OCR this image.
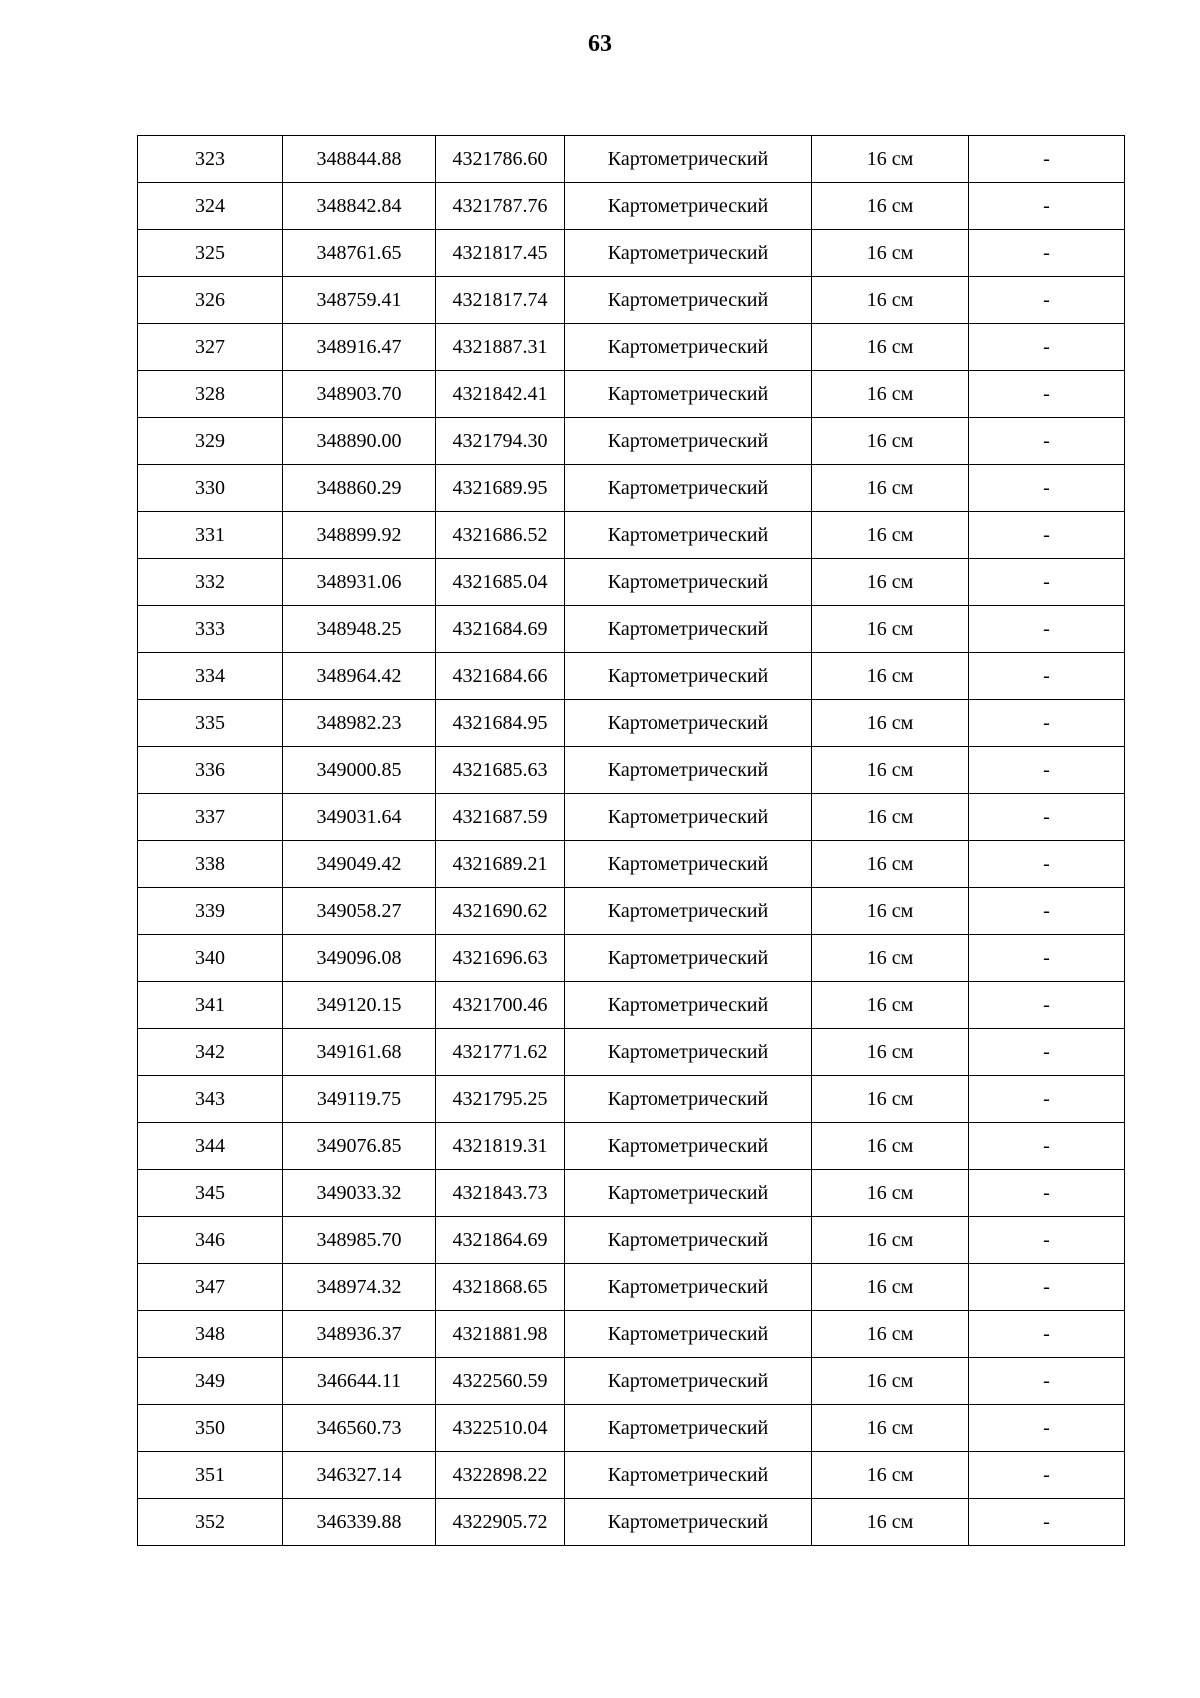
63
323	348844.88	4321786.60	Картометрический	16 см	-
324	348842.84	4321787.76	Картометрический	16 см	-
325	348761.65	4321817.45	Картометрический	16 см	-
326	348759.41	4321817.74	Картометрический	16 см	-
327	348916.47	4321887.31	Картометрический	16 см	-
328	348903.70	4321842.41	Картометрический	16 см	-
329	348890.00	4321794.30	Картометрический	16 см	-
330	348860.29	4321689.95	Картометрический	16 см	-
331	348899.92	4321686.52	Картометрический	16 см	-
332	348931.06	4321685.04	Картометрический	16 см	-
333	348948.25	4321684.69	Картометрический	16 см	-
334	348964.42	4321684.66	Картометрический	16 см	-
335	348982.23	4321684.95	Картометрический	16 см	-
336	349000.85	4321685.63	Картометрический	16 см	-
337	349031.64	4321687.59	Картометрический	16 см	-
338	349049.42	4321689.21	Картометрический	16 см	-
339	349058.27	4321690.62	Картометрический	16 см	-
340	349096.08	4321696.63	Картометрический	16 см	-
341	349120.15	4321700.46	Картометрический	16 см	-
342	349161.68	4321771.62	Картометрический	16 см	-
343	349119.75	4321795.25	Картометрический	16 см	-
344	349076.85	4321819.31	Картометрический	16 см	-
345	349033.32	4321843.73	Картометрический	16 см	-
346	348985.70	4321864.69	Картометрический	16 см	-
347	348974.32	4321868.65	Картометрический	16 см	-
348	348936.37	4321881.98	Картометрический	16 см	-
349	346644.11	4322560.59	Картометрический	16 см	-
350	346560.73	4322510.04	Картометрический	16 см	-
351	346327.14	4322898.22	Картометрический	16 см	-
352	346339.88	4322905.72	Картометрический	16 см	-
